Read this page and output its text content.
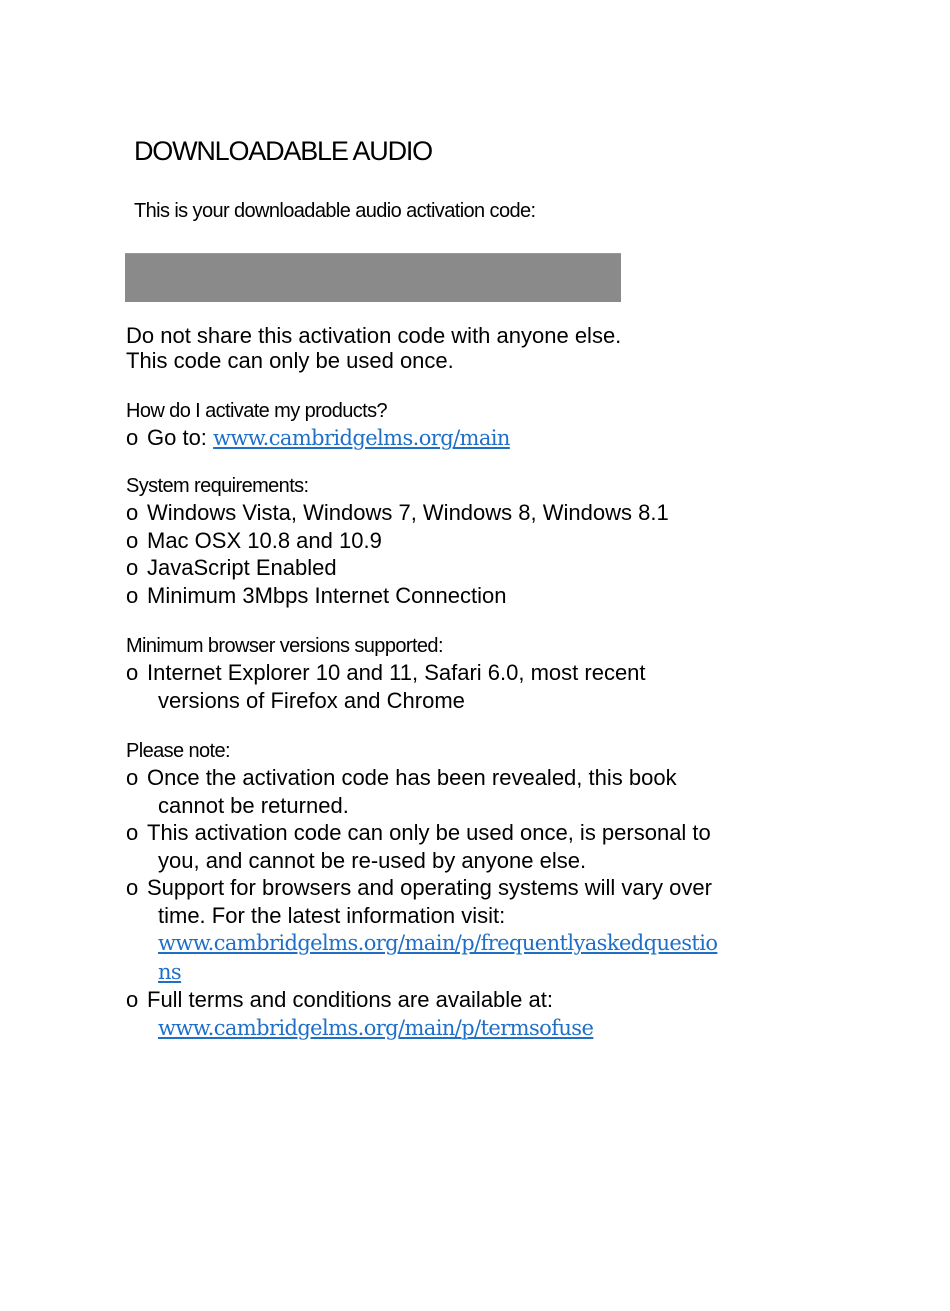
DOWNLOADABLE AUDIO
This is your downloadable audio activation code:
Do not share this activation code with anyone else.
This code can only be used once.
How do I activate my products?
o Go to: www.cambridgelms.org/main
System requirements:
o Windows Vista, Windows 7, Windows 8, Windows 8.1
o Mac OSX 10.8 and 10.9
o JavaScript Enabled
o Minimum 3Mbps Internet Connection
Minimum browser versions supported:
o Internet Explorer 10 and 11, Safari 6.0, most recent
versions of Firefox and Chrome
Please note:
o Once the activation code has been revealed, this book
cannot be returned.
o This activation code can only be used once, is personal to
you, and cannot be re-used by anyone else.
o Support for browsers and operating systems will vary over
time. For the latest information visit:
www.cambridgelms.org/main/p/frequentlyaskedquestio
ns
o Full terms and conditions are available at:
www.cambridgelms.org/main/p/termsofuse
